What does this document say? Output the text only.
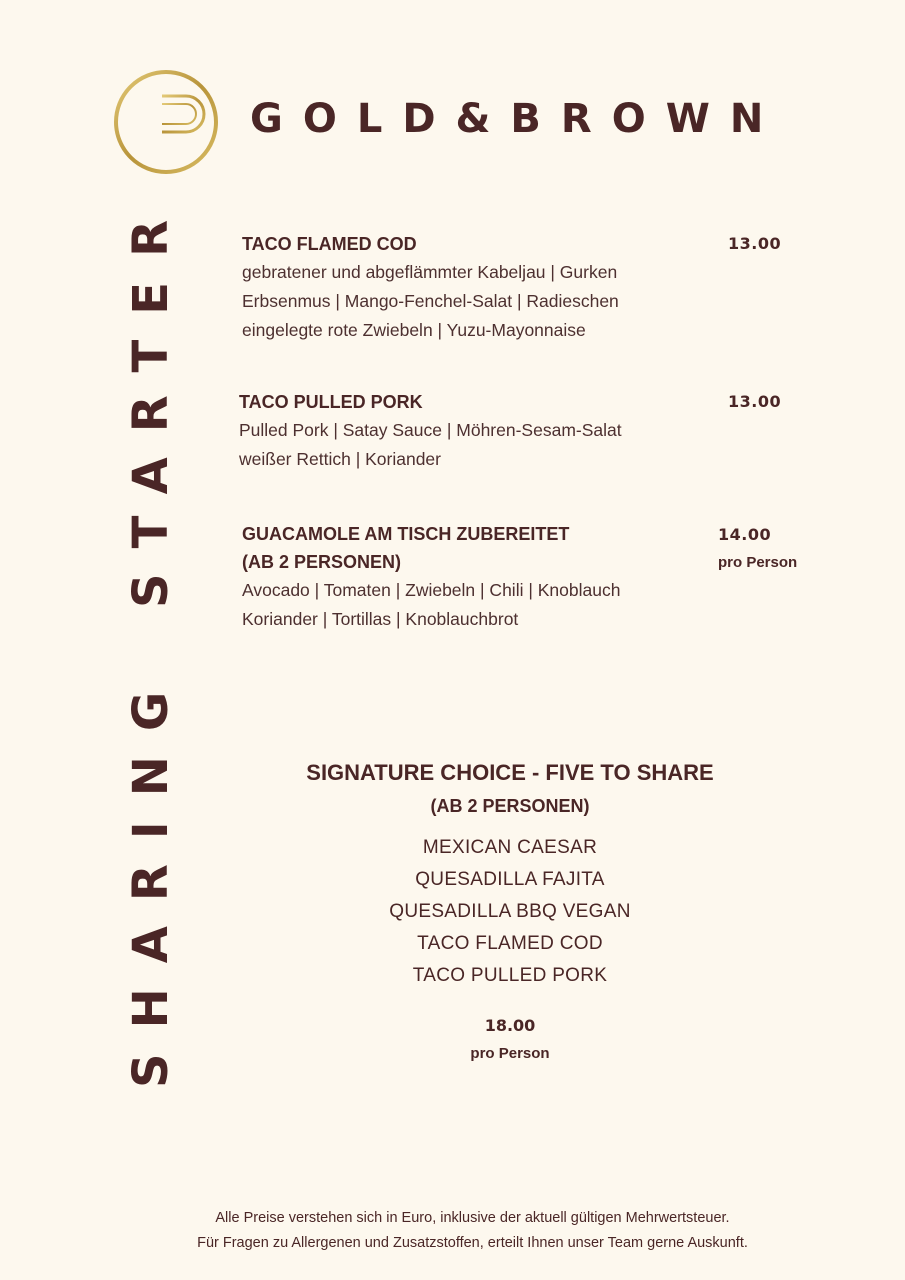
GOLD&BROWN
STARTER
SHARING
TACO FLAMED COD
gebratener und abgeflämmter Kabeljau | Gurken
Erbsenmus | Mango-Fenchel-Salat | Radieschen
eingelegte rote Zwiebeln | Yuzu-Mayonnaise
13.00
TACO PULLED PORK
Pulled Pork | Satay Sauce | Möhren-Sesam-Salat
weißer Rettich | Koriander
13.00
GUACAMOLE AM TISCH ZUBEREITET
(AB 2 PERSONEN)
Avocado | Tomaten | Zwiebeln | Chili | Knoblauch
Koriander | Tortillas | Knoblauchbrot
14.00
pro Person
SIGNATURE CHOICE - FIVE TO SHARE
(AB 2 PERSONEN)
MEXICAN CAESAR
QUESADILLA FAJITA
QUESADILLA BBQ VEGAN
TACO FLAMED COD
TACO PULLED PORK
18.00
pro Person
Alle Preise verstehen sich in Euro, inklusive der aktuell gültigen Mehrwertsteuer.
Für Fragen zu Allergenen und Zusatzstoffen, erteilt Ihnen unser Team gerne Auskunft.
